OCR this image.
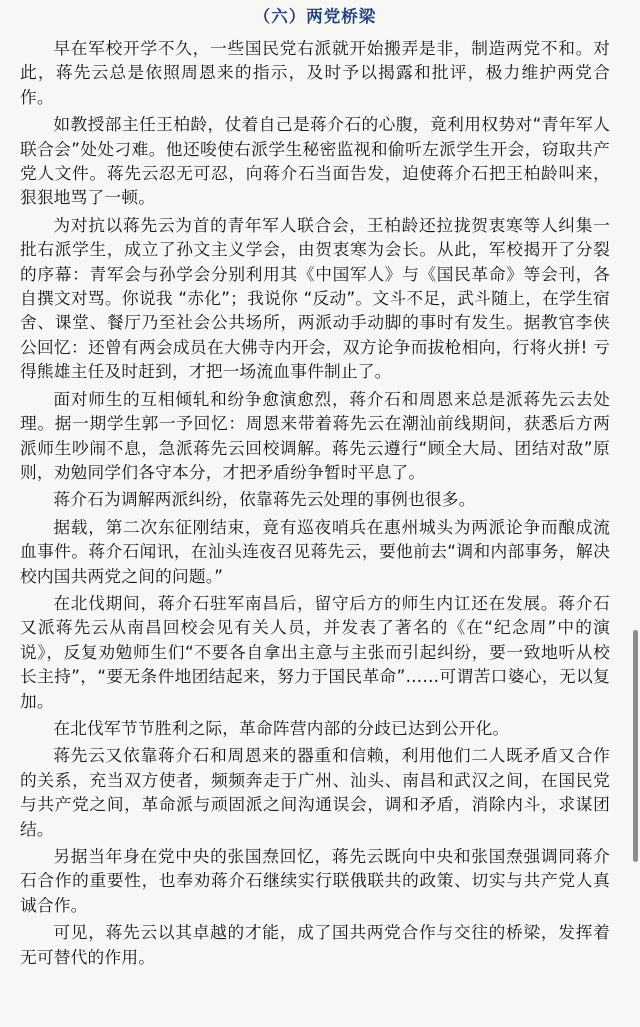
（六）两党桥梁

早在军校开学不久，一些国民党右派就开始搬弄是非，制造两党不和。对此，蒋先云总是依照周恩来的指示，及时予以揭露和批评，极力维护两党合作。

如教授部主任王柏龄，仗着自己是蒋介石的心腹，竟利用权势对“青年军人联合会”处处刁难。他还唆使右派学生秘密监视和偷听左派学生开会，窃取共产党人文件。蒋先云忍无可忍，向蒋介石当面告发，迫使蒋介石把王柏龄叫来，狠狠地骂了一顿。

为对抗以蒋先云为首的青年军人联合会，王柏龄还拉拢贺衷寒等人纠集一批右派学生，成立了孙文主义学会，由贺衷寒为会长。从此，军校揭开了分裂的序幕：青军会与孙学会分别利用其《中国军人》与《国民革命》等会刊，各自撰文对骂。你说我 “赤化”；我说你 “反动”。文斗不足，武斗随上，在学生宿舍、课堂、餐厅乃至社会公共场所，两派动手动脚的事时有发生。据教官李侠公回忆：还曾有两会成员在大佛寺内开会，双方论争而拔枪相向，行将火拼! 亏得熊雄主任及时赶到，才把一场流血事件制止了。

面对师生的互相倾轧和纷争愈演愈烈，蒋介石和周恩来总是派蒋先云去处理。据一期学生郭一予回忆：周恩来带着蒋先云在潮汕前线期间，获悉后方两派师生吵闹不息，急派蒋先云回校调解。蒋先云遵行“顾全大局、团结对敌”原则，劝勉同学们各守本分，才把矛盾纷争暂时平息了。

蒋介石为调解两派纠纷，依靠蒋先云处理的事例也很多。

据载，第二次东征刚结束，竟有巡夜哨兵在惠州城头为两派论争而酿成流血事件。蒋介石闻讯，在汕头连夜召见蒋先云，要他前去“调和内部事务，解决校内国共两党之间的问题。”

在北伐期间，蒋介石驻军南昌后，留守后方的师生内讧还在发展。蒋介石又派蒋先云从南昌回校会见有关人员，并发表了著名的《在“纪念周”中的演说》，反复劝勉师生们“不要各自拿出主意与主张而引起纠纷，要一致地听从校长主持”，“要无条件地团结起来，努力于国民革命”……可谓苦口婆心，无以复加。

在北伐军节节胜利之际，革命阵营内部的分歧已达到公开化。

蒋先云又依靠蒋介石和周恩来的器重和信赖，利用他们二人既矛盾又合作的关系，充当双方使者，频频奔走于广州、汕头、南昌和武汉之间，在国民党与共产党之间，革命派与顽固派之间沟通误会，调和矛盾，消除内斗，求谋团结。

另据当年身在党中央的张国焘回忆，蒋先云既向中央和张国焘强调同蒋介石合作的重要性，也奉劝蒋介石继续实行联俄联共的政策、切实与共产党人真诚合作。

可见，蒋先云以其卓越的才能，成了国共两党合作与交往的桥梁，发挥着无可替代的作用。
